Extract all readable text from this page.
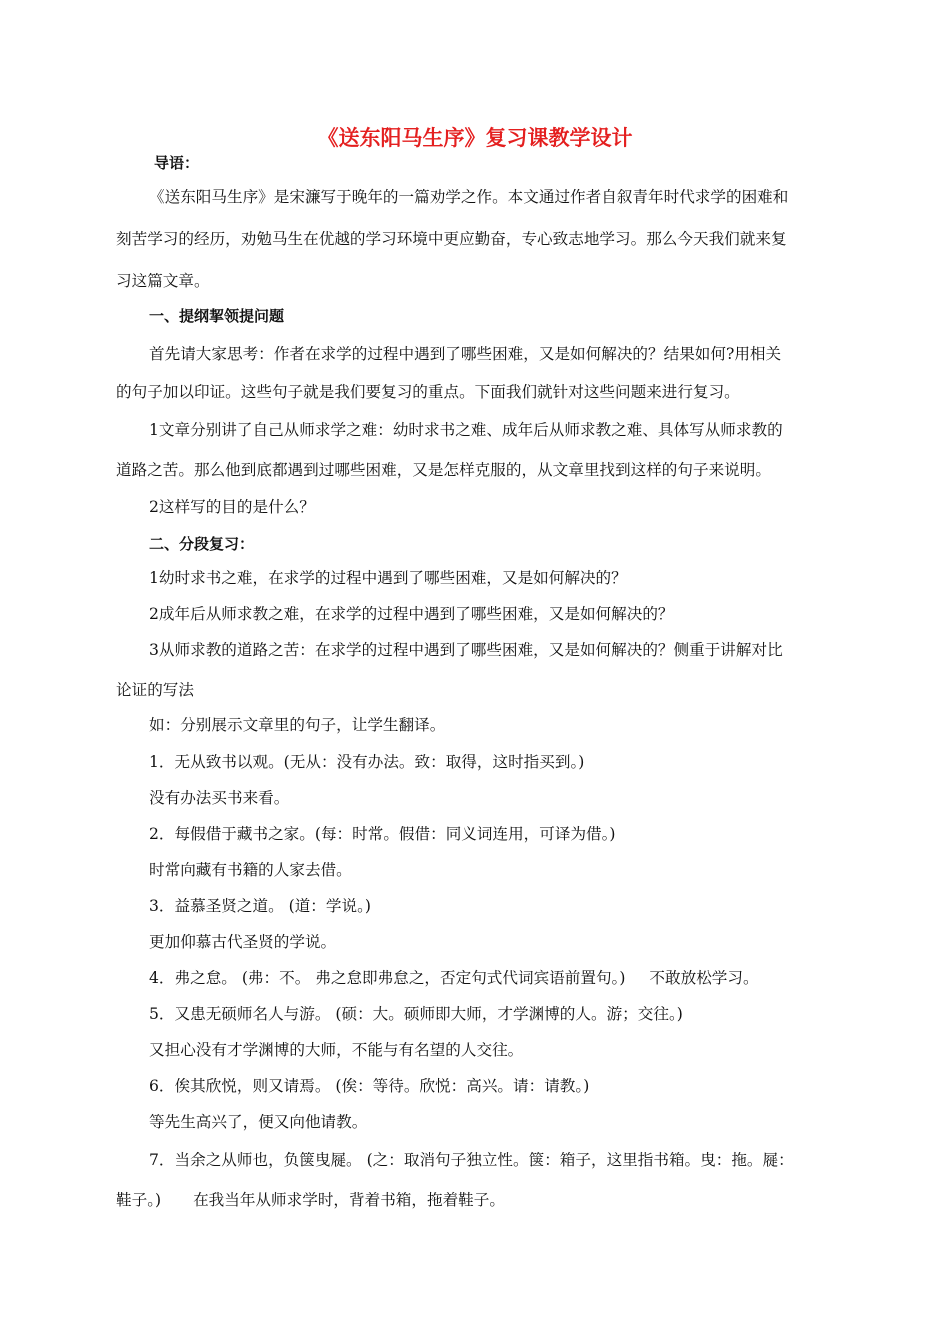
《送东阳马生序》复习课教学设计
导语：
《送东阳马生序》是宋濂写于晚年的一篇劝学之作。本文通过作者自叙青年时代求学的困难和
刻苦学习的经历，劝勉马生在优越的学习环境中更应勤奋，专心致志地学习。那么今天我们就来复
习这篇文章。
一、提纲挈领提问题
首先请大家思考：作者在求学的过程中遇到了哪些困难，又是如何解决的？结果如何?用相关
的句子加以印证。这些句子就是我们要复习的重点。下面我们就针对这些问题来进行复习。
1文章分别讲了自己从师求学之难：幼时求书之难、成年后从师求教之难、具体写从师求教的
道路之苦。那么他到底都遇到过哪些困难，又是怎样克服的，从文章里找到这样的句子来说明。
2这样写的目的是什么？
二、分段复习：
1幼时求书之难，在求学的过程中遇到了哪些困难，又是如何解决的？
2成年后从师求教之难，在求学的过程中遇到了哪些困难，又是如何解决的？
3从师求教的道路之苦：在求学的过程中遇到了哪些困难，又是如何解决的？侧重于讲解对比
论证的写法
如：分别展示文章里的句子，让学生翻译。
1．无从致书以观。(无从：没有办法。致：取得，这时指买到。)
没有办法买书来看。
2．每假借于藏书之家。(每：时常。假借：同义词连用，可译为借。)
时常向藏有书籍的人家去借。
3．益慕圣贤之道。 (道：学说。)
更加仰慕古代圣贤的学说。
4．弗之怠。 (弗：不。 弗之怠即弗怠之，否定句式代词宾语前置句。) 不敢放松学习。
5．又患无硕师名人与游。 (硕：大。硕师即大师，才学渊博的人。游；交往。)
又担心没有才学渊博的大师，不能与有名望的人交往。
6．俟其欣悦，则又请焉。 (俟：等待。欣悦：高兴。请：请教。)
等先生高兴了，便又向他请教。
7．当余之从师也，负箧曳屣。 (之：取消句子独立性。箧：箱子，这里指书箱。曳：拖。屣：
鞋子。) 在我当年从师求学时，背着书箱，拖着鞋子。
